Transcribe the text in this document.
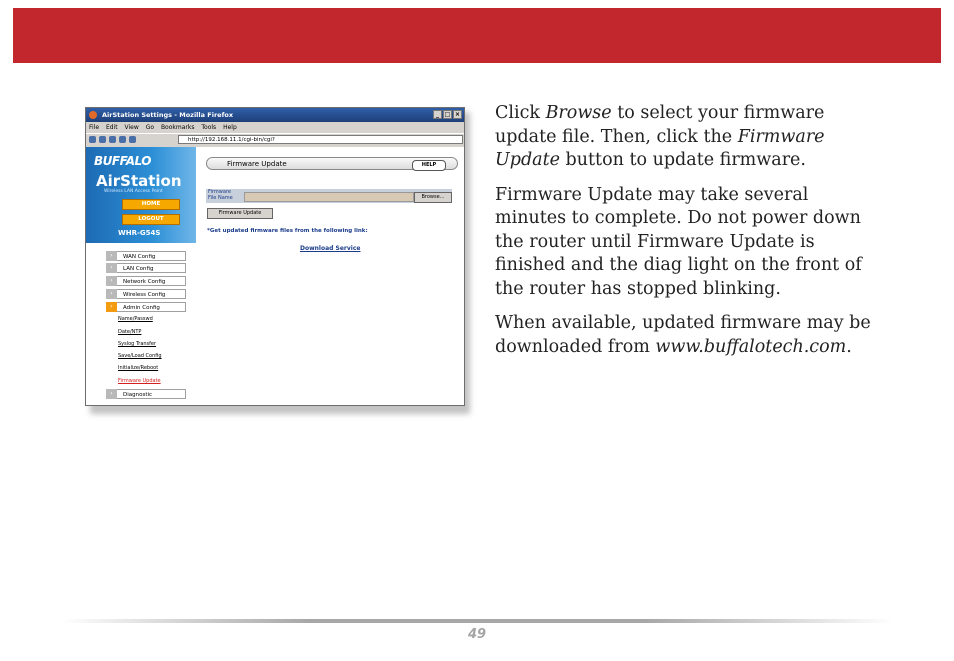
AirStation Settings - Mozilla Firefox	_ □ ×
File Edit View Go Bookmarks Tools Help
http://192.168.11.1/cgi-bin/cgi?
BUFFALO
AirStation
Wireless LAN Access Point
HOME
LOGOUT
WHR-G54S
›	WAN Config
›	LAN Config
›	Network Config
›	Wireless Config
›	Admin Config
Name/Passwd
Date/NTP
Syslog Transfer
Save/Load Config
Initialize/Reboot
Firmware Update
›	Diagnostic
Firmware Update	HELP
Firmware
File Name	Browse...
Firmware Update
*Get updated firmware files from the following link:
Download Service

Click Browse to select your firmware update file. Then, click the Firmware Update button to update firmware.

Firmware Update may take several minutes to complete. Do not power down the router until Firmware Update is finished and the diag light on the front of the router has stopped blinking.

When available, updated firmware may be downloaded from www.buffalotech.com.

49
